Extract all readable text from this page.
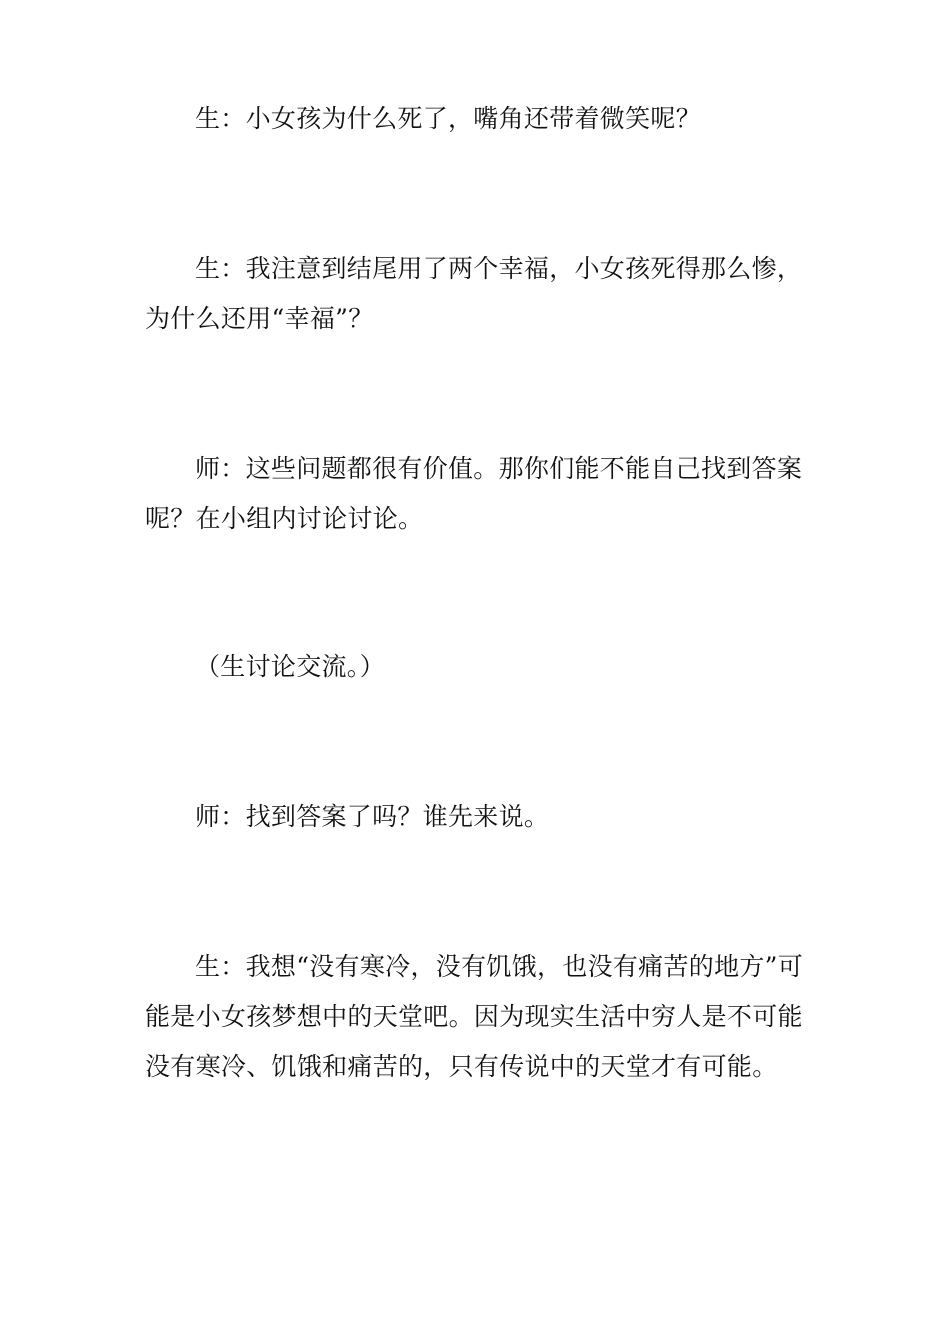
生：小女孩为什么死了，嘴角还带着微笑呢？

生：我注意到结尾用了两个幸福，小女孩死得那么惨，为什么还用“幸福”？

师：这些问题都很有价值。那你们能不能自己找到答案呢？在小组内讨论讨论。

（生讨论交流。）

师：找到答案了吗？谁先来说。

生：我想“没有寒冷，没有饥饿，也没有痛苦的地方”可能是小女孩梦想中的天堂吧。因为现实生活中穷人是不可能没有寒冷、饥饿和痛苦的，只有传说中的天堂才有可能。
